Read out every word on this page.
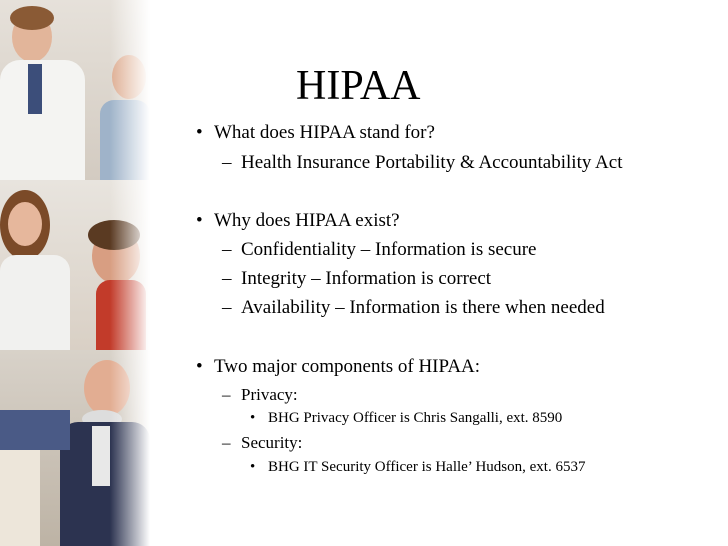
HIPAA
• What does HIPAA stand for?
– Health Insurance Portability & Accountability Act
• Why does HIPAA exist?
– Confidentiality – Information is secure
– Integrity – Information is correct
– Availability – Information is there when needed
• Two major components of HIPAA:
– Privacy:
• BHG Privacy Officer is Chris Sangalli, ext. 8590
– Security:
• BHG IT Security Officer is Halle’ Hudson, ext. 6537
